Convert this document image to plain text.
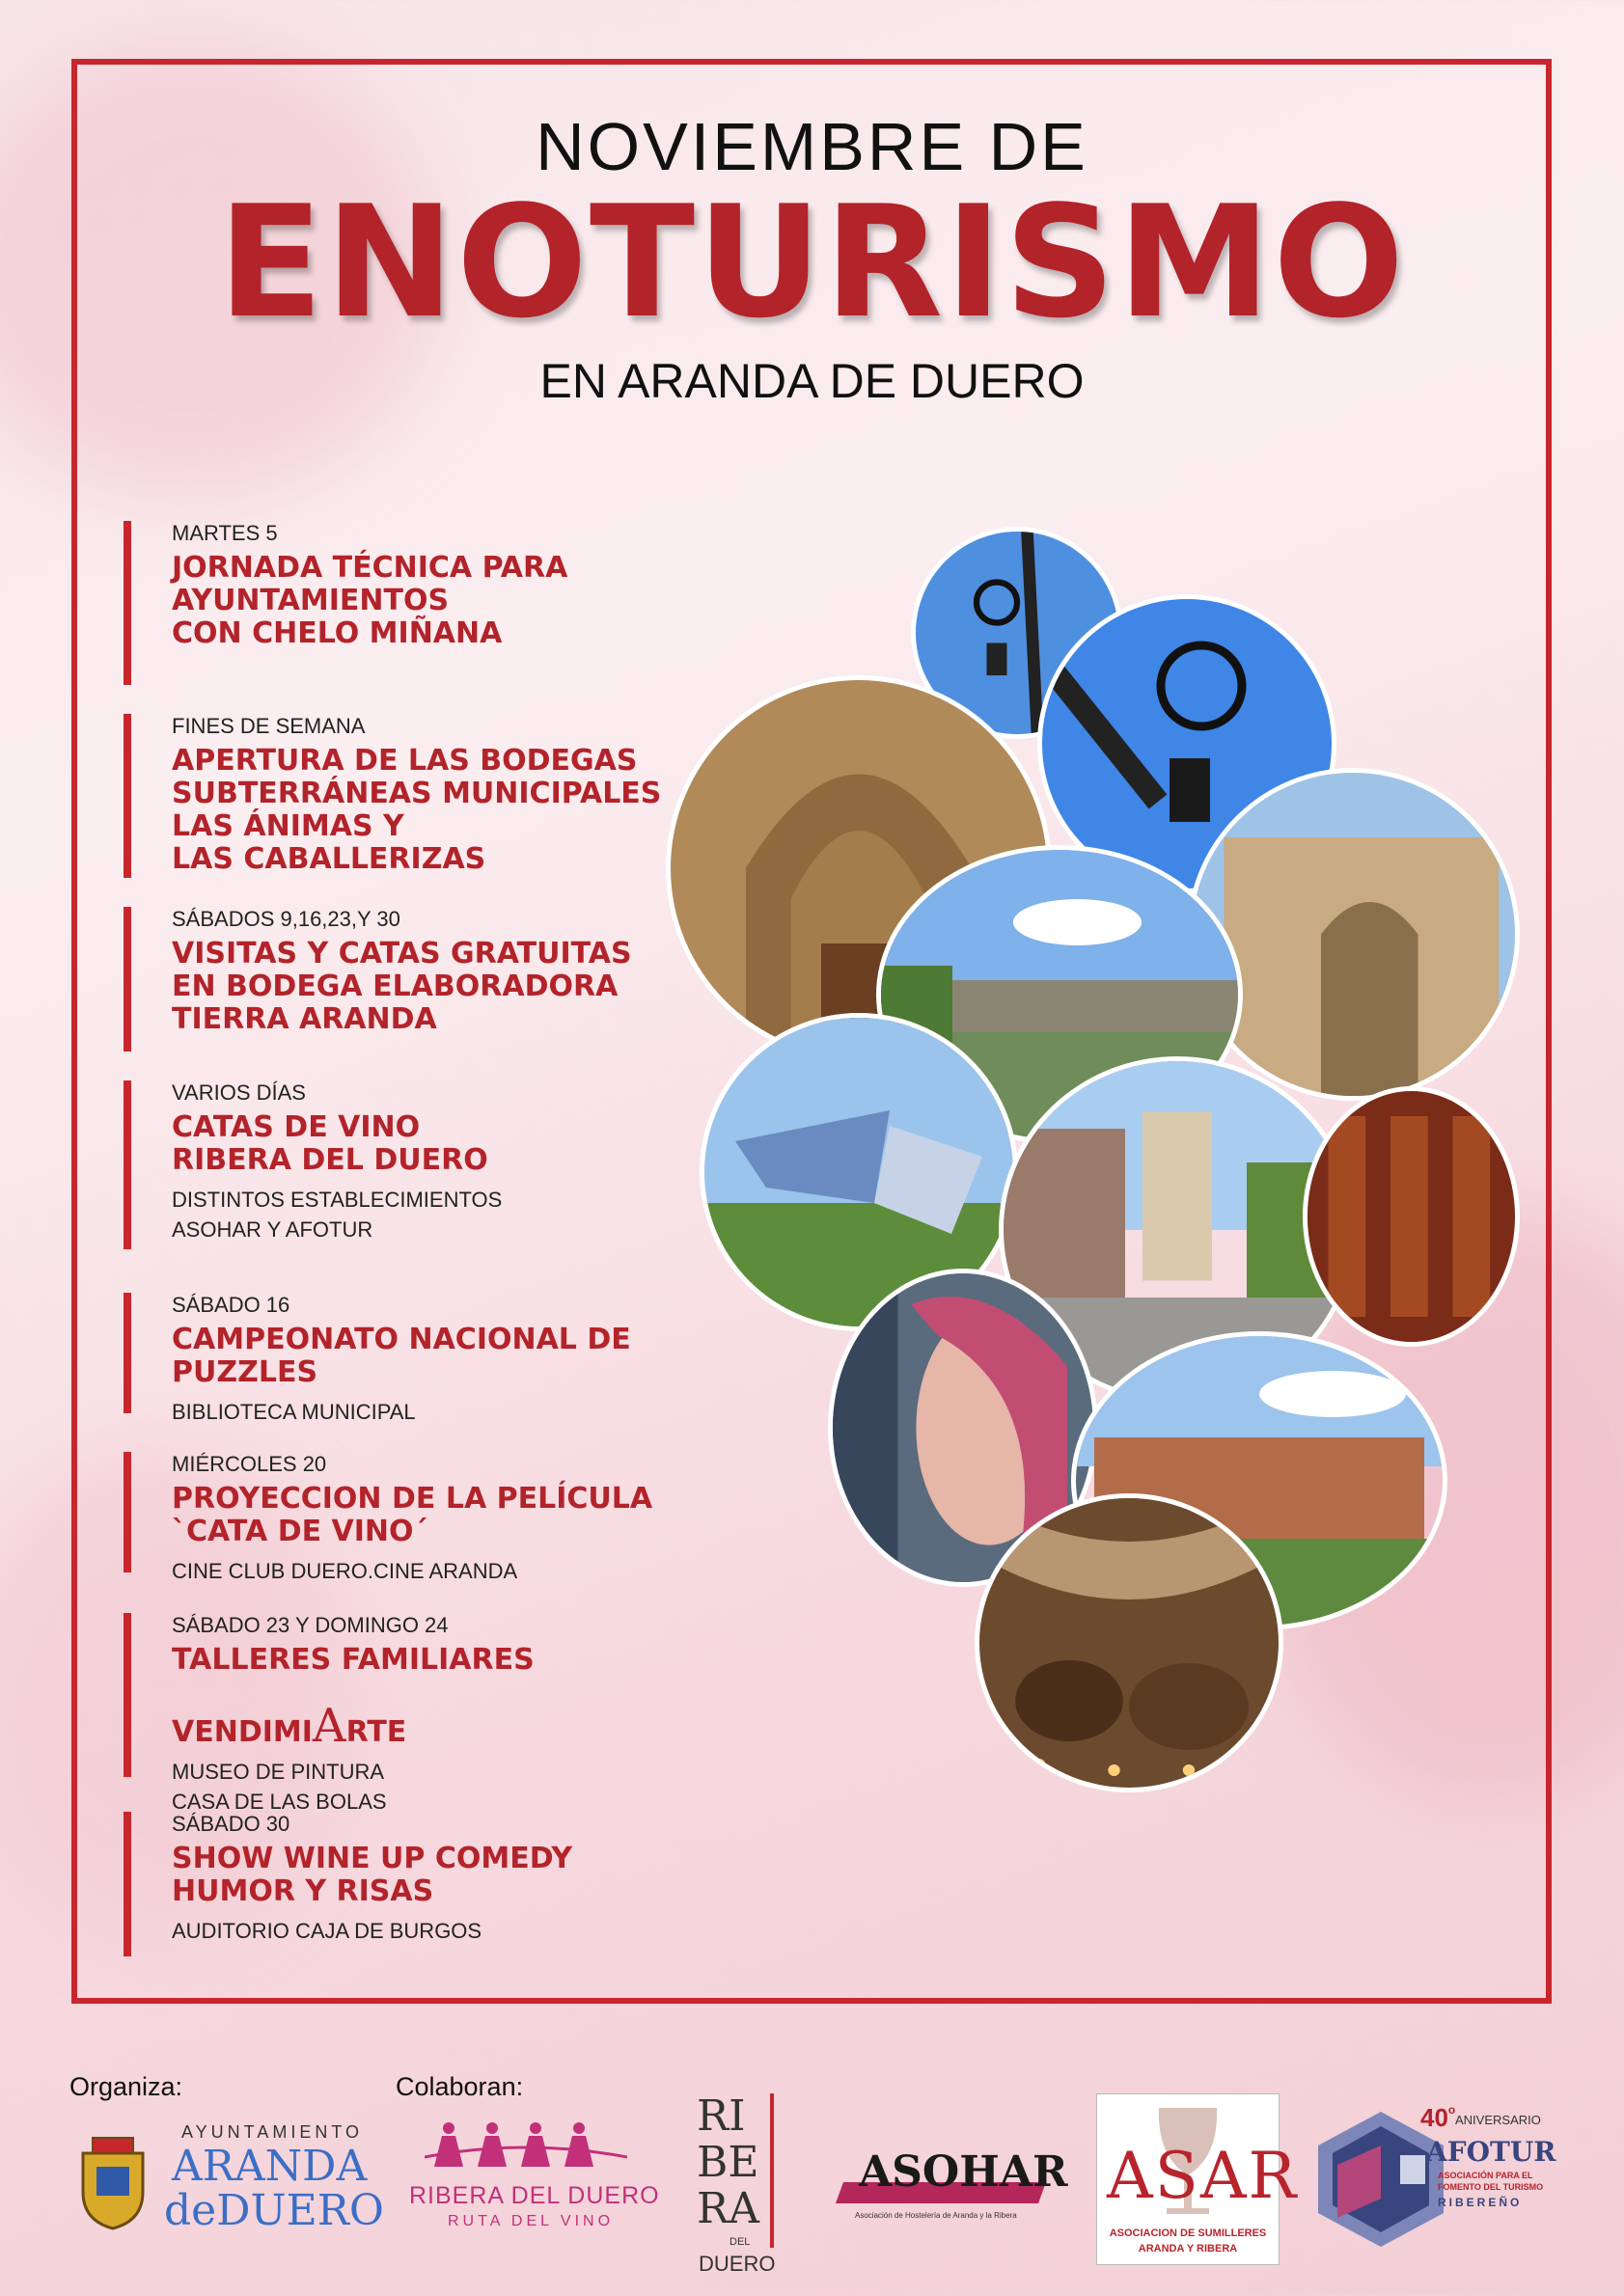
NOVIEMBRE DE
ENOTURISMO
EN ARANDA DE DUERO
MARTES 5
JORNADA TÉCNICA PARA
AYUNTAMIENTOS
CON CHELO MIÑANA
FINES DE SEMANA
APERTURA DE LAS BODEGAS
SUBTERRÁNEAS MUNICIPALES
LAS ÁNIMAS Y
LAS CABALLERIZAS
SÁBADOS 9,16,23,Y 30
VISITAS Y CATAS GRATUITAS
EN BODEGA ELABORADORA
TIERRA ARANDA
VARIOS DÍAS
CATAS DE VINO
RIBERA DEL DUERO
DISTINTOS ESTABLECIMIENTOS
ASOHAR Y AFOTUR
SÁBADO 16
CAMPEONATO NACIONAL DE
PUZZLES
BIBLIOTECA MUNICIPAL
MIÉRCOLES 20
PROYECCION DE LA PELÍCULA
`CATA DE VINO´
CINE CLUB DUERO.CINE ARANDA
SÁBADO 23 Y DOMINGO 24
TALLERES FAMILIARES

VENDIMIARTE

MUSEO DE PINTURA
CASA DE LAS BOLAS
SÁBADO 30
SHOW WINE UP COMEDY
HUMOR Y RISAS
AUDITORIO CAJA DE BURGOS
Organiza:	Colaboran:
AYUNTAMIENTO
ARANDA
deDUERO RIBERA DEL DUERO
RUTA DEL VINO
RI
BE
RA
DEL
DUERO
ASOHAR
Asociación de Hostelería de Aranda y la Ribera
ASAR
ASOCIACION DE SUMILLERES
ARANDA Y RIBERA
40$^o$
ANIVERSARIO
AFOTUR
ASOCIACIÓN PARA EL
FOMENTO DEL TURISMO
RIBEREÑO
